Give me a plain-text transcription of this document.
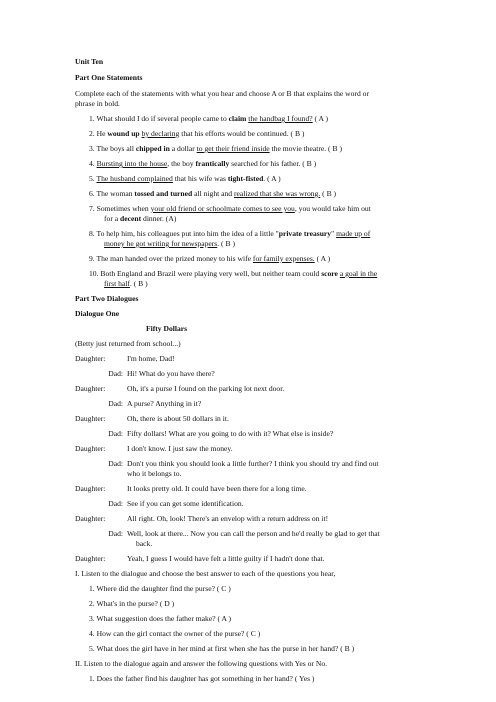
Unit Ten
Part One Statements
Complete each of the statements with what you hear and choose A or B that explains the word or
phrase in bold.
1. What should I do if several people came to claim the handbag I found? ( A )
2. He wound up by declaring that his efforts would be continued. ( B )
3. The boys all chipped in a dollar to get their friend inside the movie theatre. ( B )
4. Bursting into the house, the boy frantically searched for his father. ( B )
5. The husband complained that his wife was tight-fisted. ( A )
6. The woman tossed and turned all night and realized that she was wrong. ( B )
7. Sometimes when your old friend or schoolmate comes to see you, you would take him out
for a decent dinner. (A)
8. To help him, his colleagues put into him the idea of a little "private treasury" made up of
money he got writing for newspapers. ( B )
9. The man handed over the prized money to his wife for family expenses. ( A )
10. Both England and Brazil were playing very well, but neither team could score a goal in the
first half. ( B )
Part Two Dialogues
Dialogue One
Fifty Dollars
(Betty just returned from school...)
Daughter:	I'm home, Dad!
Dad: Hi! What do you have there?
Daughter:	Oh, it's a purse I found on the parking lot next door.
Dad: A purse? Anything in it?
Daughter:	Oh, there is about 50 dollars in it.
Dad: Fifty dollars! What are you going to do with it? What else is inside?
Daughter:	I don't know. I just saw the money.
Dad: Don't you think you should look a little further? I think you should try and find out
who it belongs to.
Daughter:	It looks pretty old. It could have been there for a long time.
Dad: See if you can get some identification.
Daughter:	All right. Oh, look! There's an envelop with a return address on it!
Dad: Well, look at there... Now you can call the person and he'd really be glad to get that
back.
Daughter:	Yeah, I guess I would have felt a little guilty if I hadn't done that.
I. Listen to the dialogue and choose the best answer to each of the questions you hear,
1. Where did the daughter find the purse? ( C )
2. What's in the purse? ( D )
3. What suggestion does the father make? ( A )
4. How can the girl contact the owner of the purse? ( C )
5. What does the girl have in her mind at first when she has the purse in her hand? ( B )
II. Listen to the dialogue again and answer the following questions with Yes or No.
1. Does the father find his daughter has got something in her hand? ( Yes )
